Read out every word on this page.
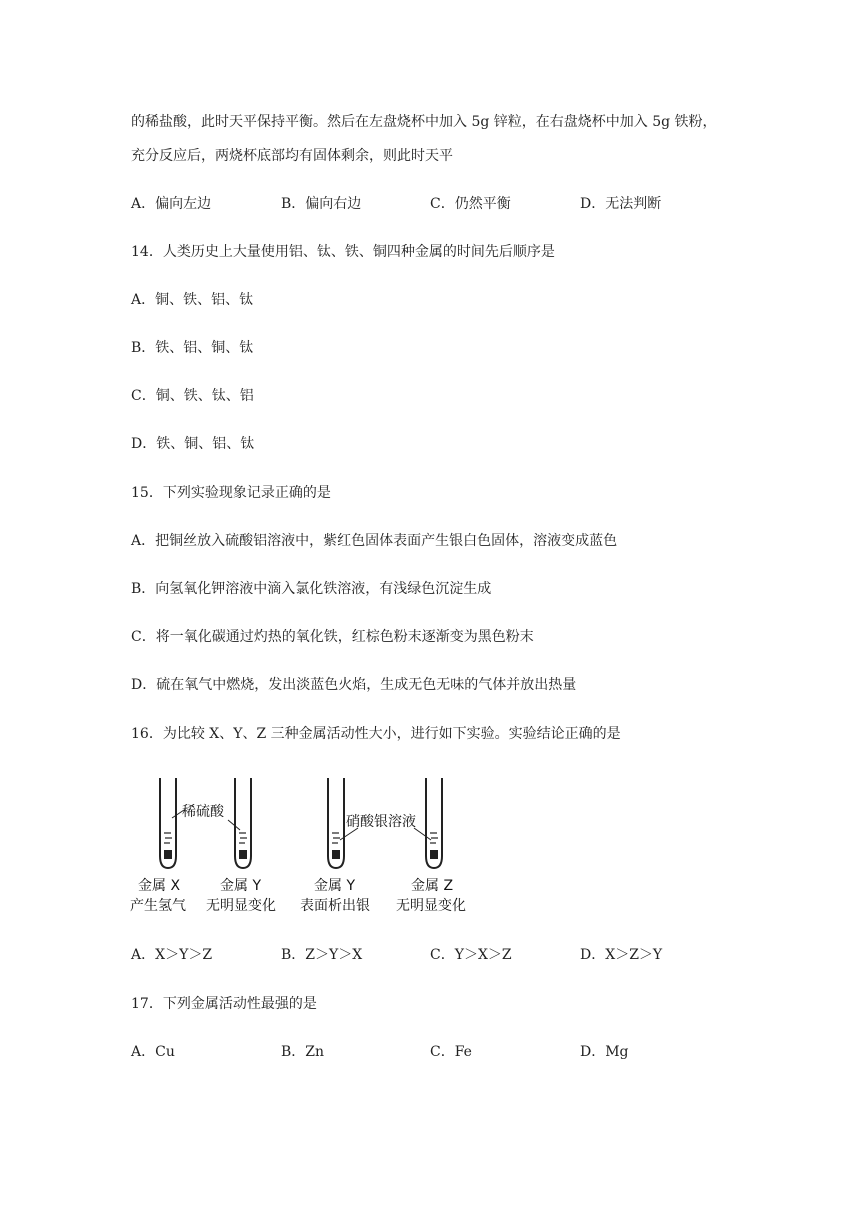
的稀盐酸，此时天平保持平衡。然后在左盘烧杯中加入 5g 锌粒，在右盘烧杯中加入 5g 铁粉，
充分反应后，两烧杯底部均有固体剩余，则此时天平
A．偏向左边	B．偏向右边	C．仍然平衡	D．无法判断
14．人类历史上大量使用铝、钛、铁、铜四种金属的时间先后顺序是
A．铜、铁、铝、钛
B．铁、铝、铜、钛
C．铜、铁、钛、铝
D．铁、铜、铝、钛
15．下列实验现象记录正确的是
A．把铜丝放入硫酸铝溶液中，紫红色固体表面产生银白色固体，溶液变成蓝色
B．向氢氧化钾溶液中滴入氯化铁溶液，有浅绿色沉淀生成
C．将一氧化碳通过灼热的氧化铁，红棕色粉末逐渐变为黑色粉末
D．硫在氧气中燃烧，发出淡蓝色火焰，生成无色无味的气体并放出热量
16．为比较 X、Y、Z 三种金属活动性大小，进行如下实验。实验结论正确的是
稀硫酸
硝酸银溶液
金属 X	金属 Y	金属 Y	金属 Z
产生氢气 无明显变化 表面析出银 无明显变化
A．X＞Y＞Z	B．Z＞Y＞X	C．Y＞X＞Z	D．X＞Z＞Y
17．下列金属活动性最强的是
A．Cu	B．Zn	C．Fe	D．Mg
